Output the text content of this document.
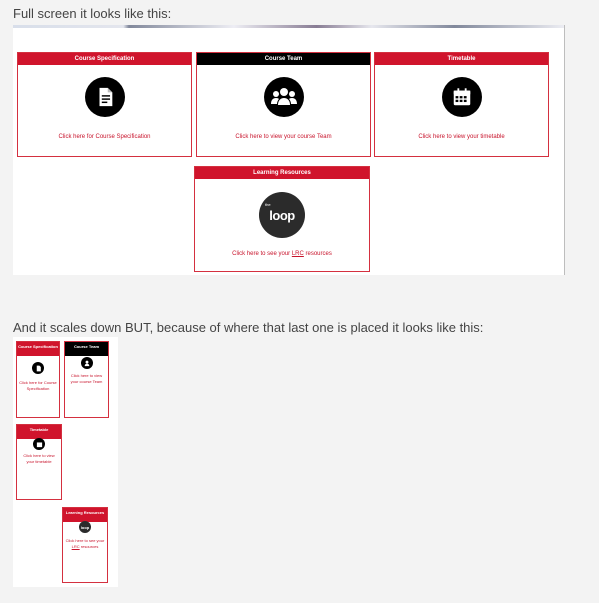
Full screen it looks like this:
Course Specification
Click here for Course Specification
Course Team
Click here to view your course Team
Timetable
Click here to view your timetable
Learning Resources
the
loop
Click here to see your LRC resources
And it scales down BUT, because of where that last one is placed it looks like this:
Course Specification
Click here for Course Specification
Course Team
Click here to view your course Team
Timetable
Click here to view your timetable
Learning Resources
loop
Click here to see your LRC resources
